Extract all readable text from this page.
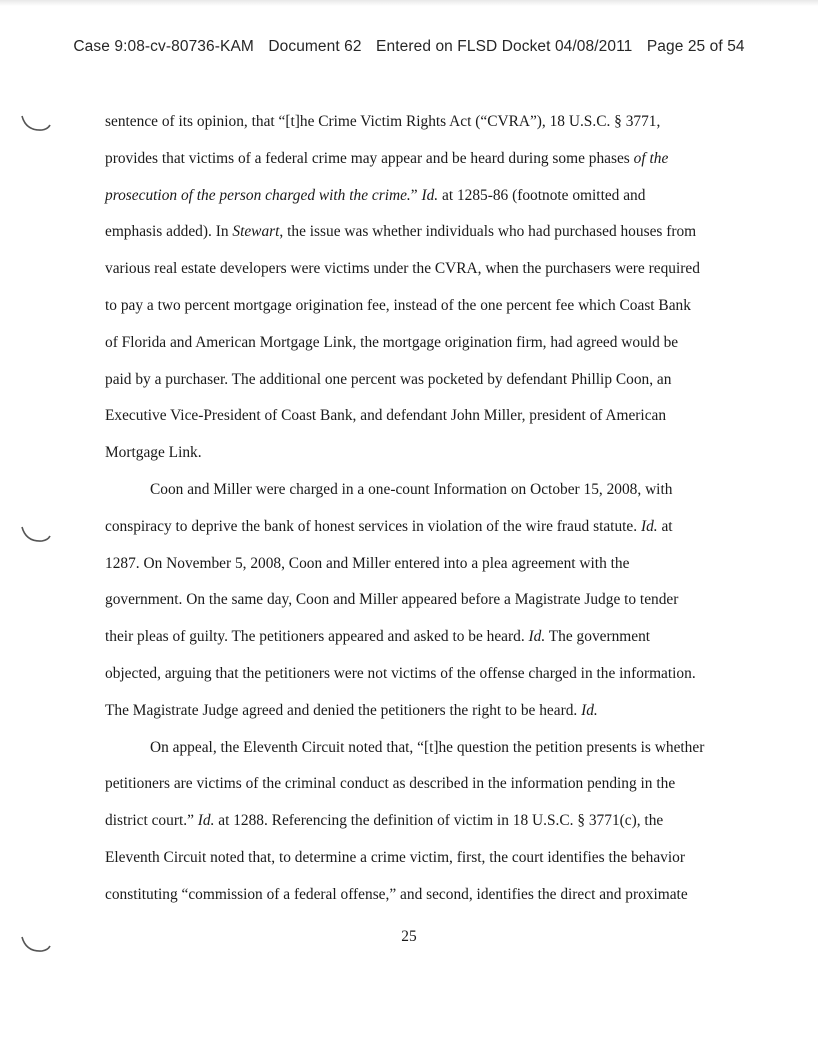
Case 9:08-cv-80736-KAM Document 62 Entered on FLSD Docket 04/08/2011 Page 25 of 54
sentence of its opinion, that “[t]he Crime Victim Rights Act (“CVRA”), 18 U.S.C. § 3771,
provides that victims of a federal crime may appear and be heard during some phases of the
prosecution of the person charged with the crime.” Id. at 1285-86 (footnote omitted and
emphasis added). In Stewart, the issue was whether individuals who had purchased houses from
various real estate developers were victims under the CVRA, when the purchasers were required
to pay a two percent mortgage origination fee, instead of the one percent fee which Coast Bank
of Florida and American Mortgage Link, the mortgage origination firm, had agreed would be
paid by a purchaser. The additional one percent was pocketed by defendant Phillip Coon, an
Executive Vice-President of Coast Bank, and defendant John Miller, president of American
Mortgage Link.
Coon and Miller were charged in a one-count Information on October 15, 2008, with
conspiracy to deprive the bank of honest services in violation of the wire fraud statute. Id. at
1287. On November 5, 2008, Coon and Miller entered into a plea agreement with the
government. On the same day, Coon and Miller appeared before a Magistrate Judge to tender
their pleas of guilty. The petitioners appeared and asked to be heard. Id. The government
objected, arguing that the petitioners were not victims of the offense charged in the information.
The Magistrate Judge agreed and denied the petitioners the right to be heard. Id.
On appeal, the Eleventh Circuit noted that, “[t]he question the petition presents is whether
petitioners are victims of the criminal conduct as described in the information pending in the
district court.” Id. at 1288. Referencing the definition of victim in 18 U.S.C. § 3771(c), the
Eleventh Circuit noted that, to determine a crime victim, first, the court identifies the behavior
constituting “commission of a federal offense,” and second, identifies the direct and proximate
25
